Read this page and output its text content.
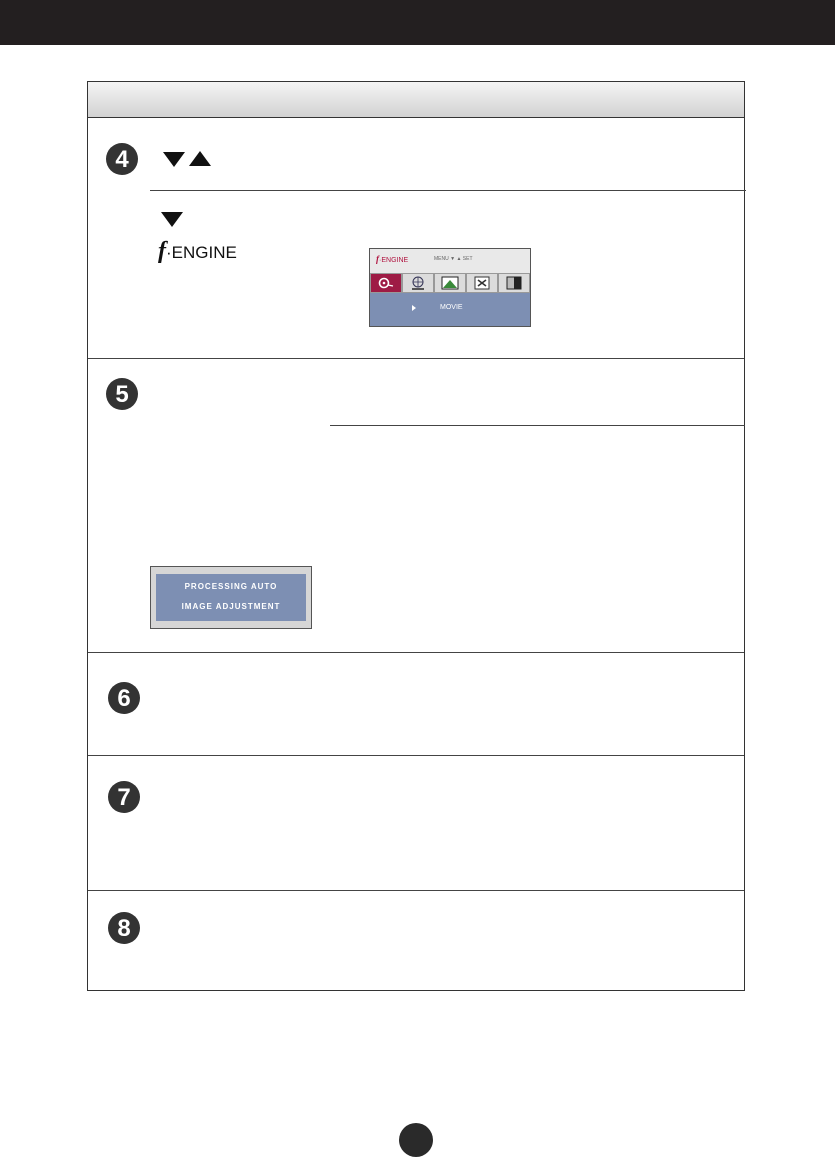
4
f·ENGINE	f·ENGINE	MENU ▼ ▲ SET
MOVIE
5
PROCESSING AUTO
IMAGE ADJUSTMENT
6
7
8
